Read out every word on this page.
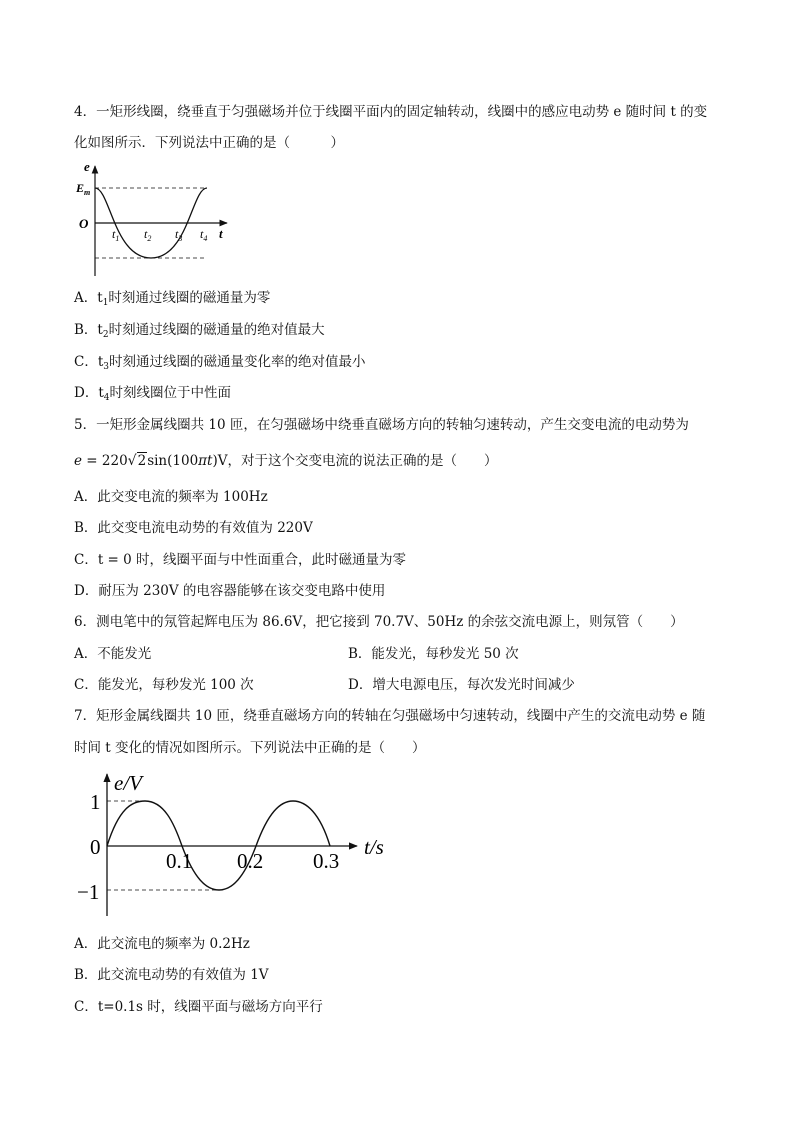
4．一矩形线圈，绕垂直于匀强磁场并位于线圈平面内的固定轴转动，线圈中的感应电动势 e 随时间 t 的变
化如图所示．下列说法中正确的是（　　　）
e
$E_m$
O
$t_1$ $t_2$ $t_3$ $t_4$ t
A．$t_1$时刻通过线圈的磁通量为零
B．$t_2$时刻通过线圈的磁通量的绝对值最大
C．$t_3$时刻通过线圈的磁通量变化率的绝对值最小
D．$t_4$时刻线圈位于中性面
5．一矩形金属线圈共 10 匝，在匀强磁场中绕垂直磁场方向的转轴匀速转动，产生交变电流的电动势为
e = 220√2sin(100πt)V，对于这个交变电流的说法正确的是（　　）
A．此交变电流的频率为 100Hz
B．此交变电流电动势的有效值为 220V
C．t = 0 时，线圈平面与中性面重合，此时磁通量为零
D．耐压为 230V 的电容器能够在该交变电路中使用
6．测电笔中的氖管起辉电压为 86.6V，把它接到 70.7V、50Hz 的余弦交流电源上，则氖管（　　）
A．不能发光	B．能发光，每秒发光 50 次
C．能发光，每秒发光 100 次	D．增大电源电压，每次发光时间减少
7．矩形金属线圈共 10 匝，绕垂直磁场方向的转轴在匀强磁场中匀速转动，线圈中产生的交流电动势 e 随
时间 t 变化的情况如图所示。下列说法中正确的是（　　）
e/V
1
0
−1
0.1 0.2 0.3
t/s
A．此交流电的频率为 0.2Hz
B．此交流电动势的有效值为 1V
C．t=0.1s 时，线圈平面与磁场方向平行
